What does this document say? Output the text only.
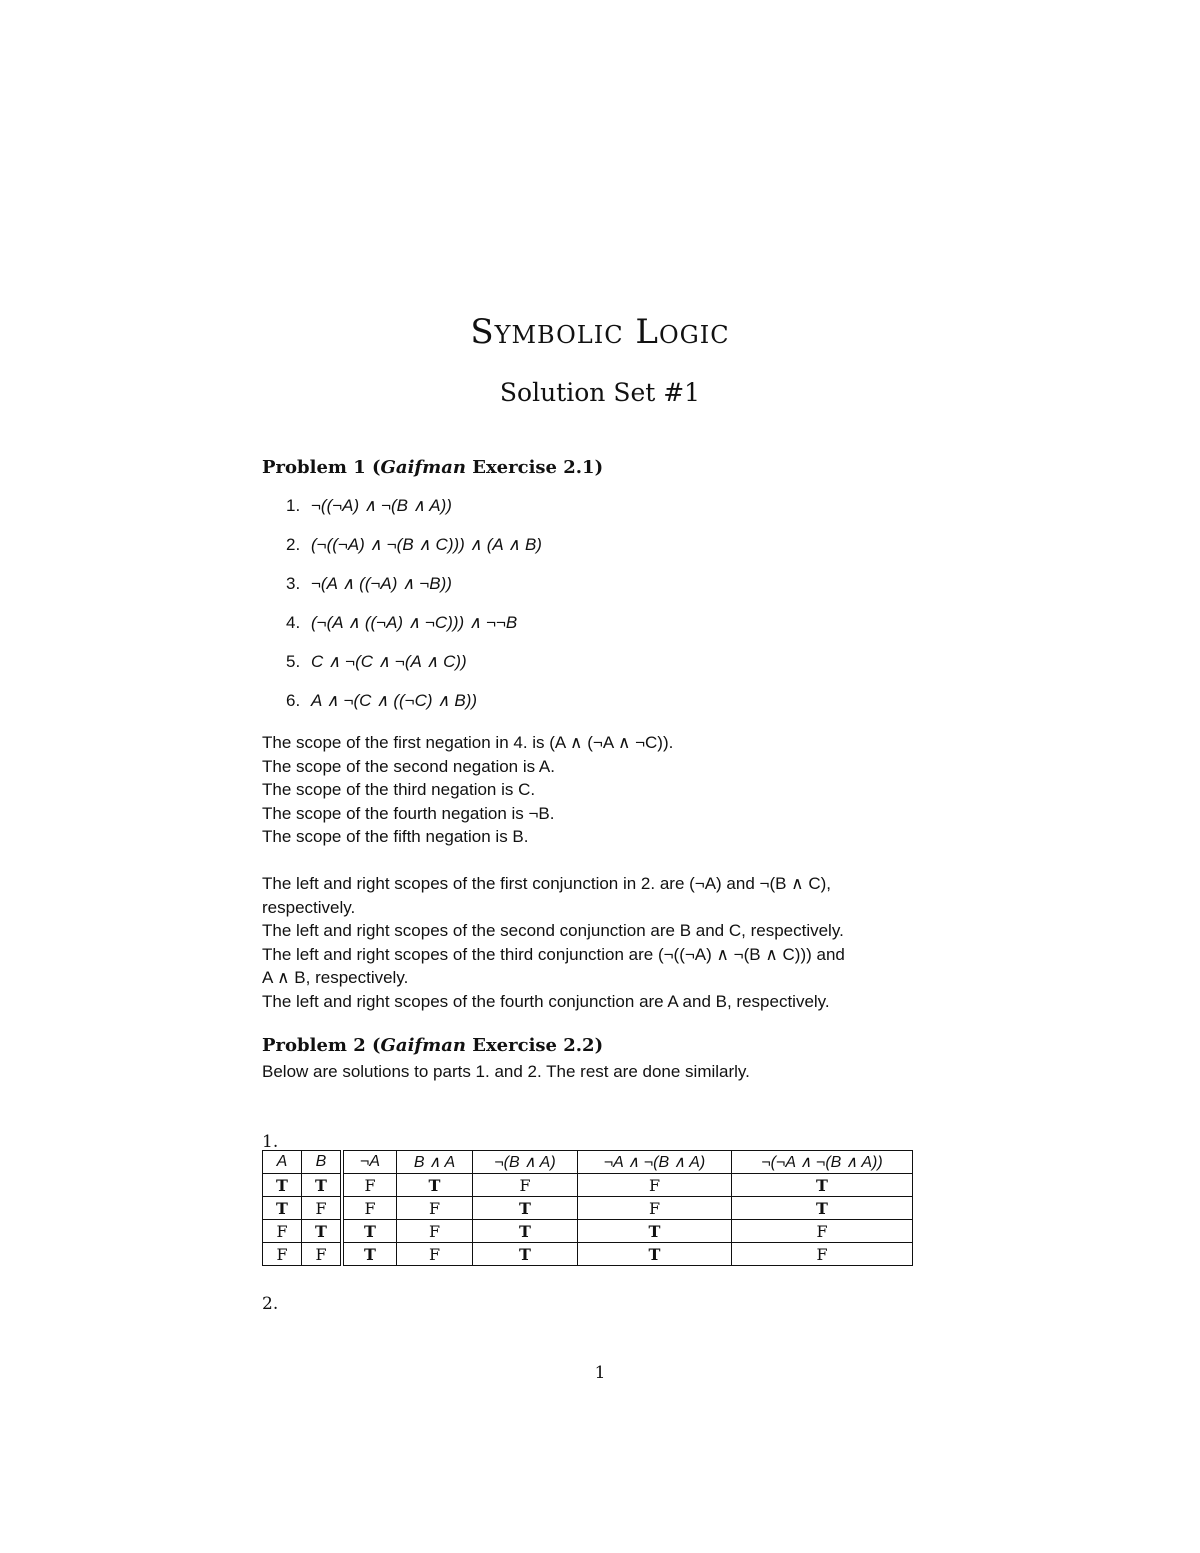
Symbolic Logic
Solution Set #1
Problem 1 (Gaifman Exercise 2.1)
1. ¬((¬A) ∧ ¬(B ∧ A))
2. (¬((¬A) ∧ ¬(B ∧ C))) ∧ (A ∧ B)
3. ¬(A ∧ ((¬A) ∧ ¬B))
4. (¬(A ∧ ((¬A) ∧ ¬C))) ∧ ¬¬B
5. C ∧ ¬(C ∧ ¬(A ∧ C))
6. A ∧ ¬(C ∧ ((¬C) ∧ B))
The scope of the first negation in 4. is (A ∧ (¬A ∧ ¬C)).
The scope of the second negation is A.
The scope of the third negation is C.
The scope of the fourth negation is ¬B.
The scope of the fifth negation is B.
The left and right scopes of the first conjunction in 2. are (¬A) and ¬(B ∧ C),
respectively.
The left and right scopes of the second conjunction are B and C, respectively.
The left and right scopes of the third conjunction are (¬((¬A) ∧ ¬(B ∧ C))) and
A ∧ B, respectively.
The left and right scopes of the fourth conjunction are A and B, respectively.
Problem 2 (Gaifman Exercise 2.2)
Below are solutions to parts 1. and 2. The rest are done similarly.
1.
A	B	¬A	B ∧ A	¬(B ∧ A)	¬A ∧ ¬(B ∧ A)	¬(¬A ∧ ¬(B ∧ A))
T	T	F	T	F	F	T
T	F	F	F	T	F	T
F	T	T	F	T	T	F
F	F	T	F	T	T	F
2.
1
